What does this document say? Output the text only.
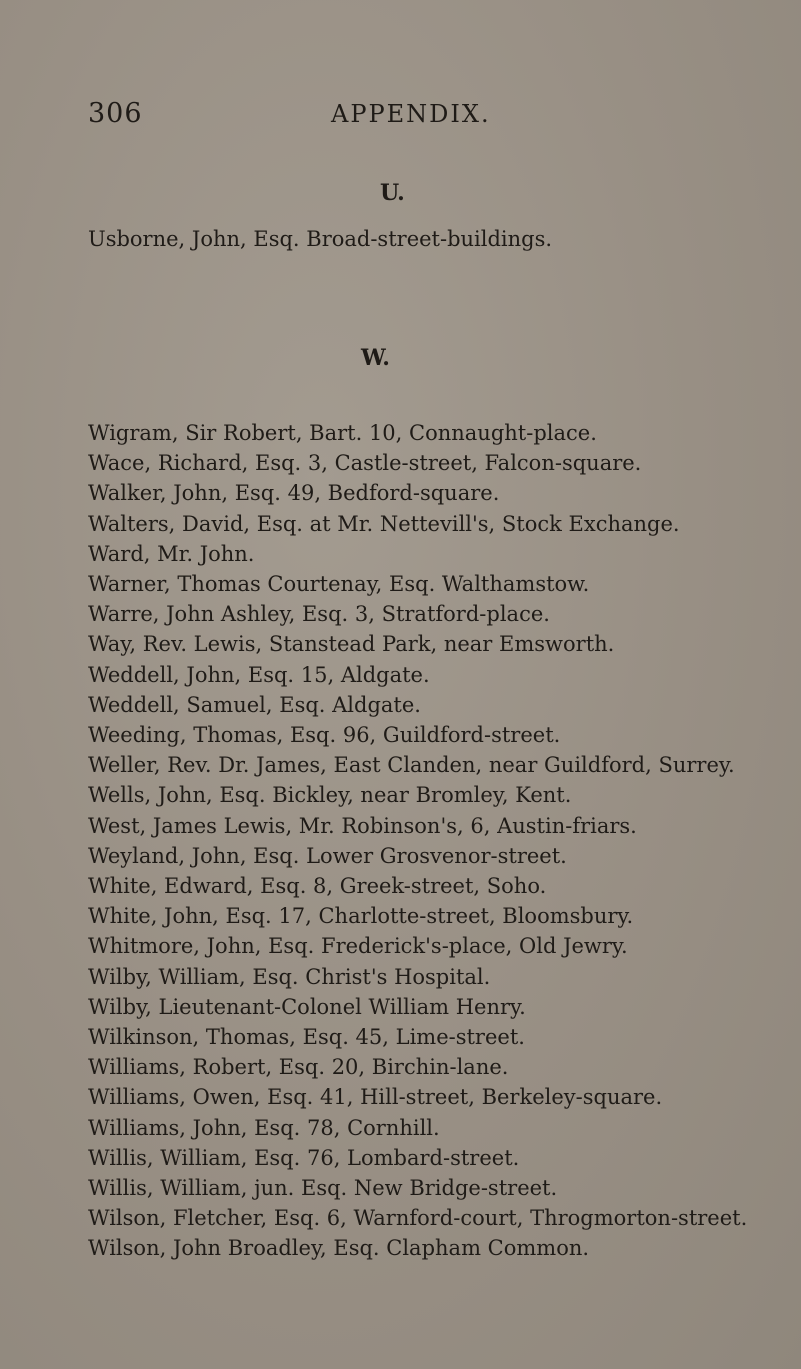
306	APPENDIX.
U.
Usborne, John, Esq. Broad-street-buildings.
W.
Wigram, Sir Robert, Bart. 10, Connaught-place.
Wace, Richard, Esq. 3, Castle-street, Falcon-square.
Walker, John, Esq. 49, Bedford-square.
Walters, David, Esq. at Mr. Nettevill's, Stock Exchange.
Ward, Mr. John.
Warner, Thomas Courtenay, Esq. Walthamstow.
Warre, John Ashley, Esq. 3, Stratford-place.
Way, Rev. Lewis, Stanstead Park, near Emsworth.
Weddell, John, Esq. 15, Aldgate.
Weddell, Samuel, Esq. Aldgate.
Weeding, Thomas, Esq. 96, Guildford-street.
Weller, Rev. Dr. James, East Clanden, near Guildford, Surrey.
Wells, John, Esq. Bickley, near Bromley, Kent.
West, James Lewis, Mr. Robinson's, 6, Austin-friars.
Weyland, John, Esq. Lower Grosvenor-street.
White, Edward, Esq. 8, Greek-street, Soho.
White, John, Esq. 17, Charlotte-street, Bloomsbury.
Whitmore, John, Esq. Frederick's-place, Old Jewry.
Wilby, William, Esq. Christ's Hospital.
Wilby, Lieutenant-Colonel William Henry.
Wilkinson, Thomas, Esq. 45, Lime-street.
Williams, Robert, Esq. 20, Birchin-lane.
Williams, Owen, Esq. 41, Hill-street, Berkeley-square.
Williams, John, Esq. 78, Cornhill.
Willis, William, Esq. 76, Lombard-street.
Willis, William, jun. Esq. New Bridge-street.
Wilson, Fletcher, Esq. 6, Warnford-court, Throgmorton-street.
Wilson, John Broadley, Esq. Clapham Common.
